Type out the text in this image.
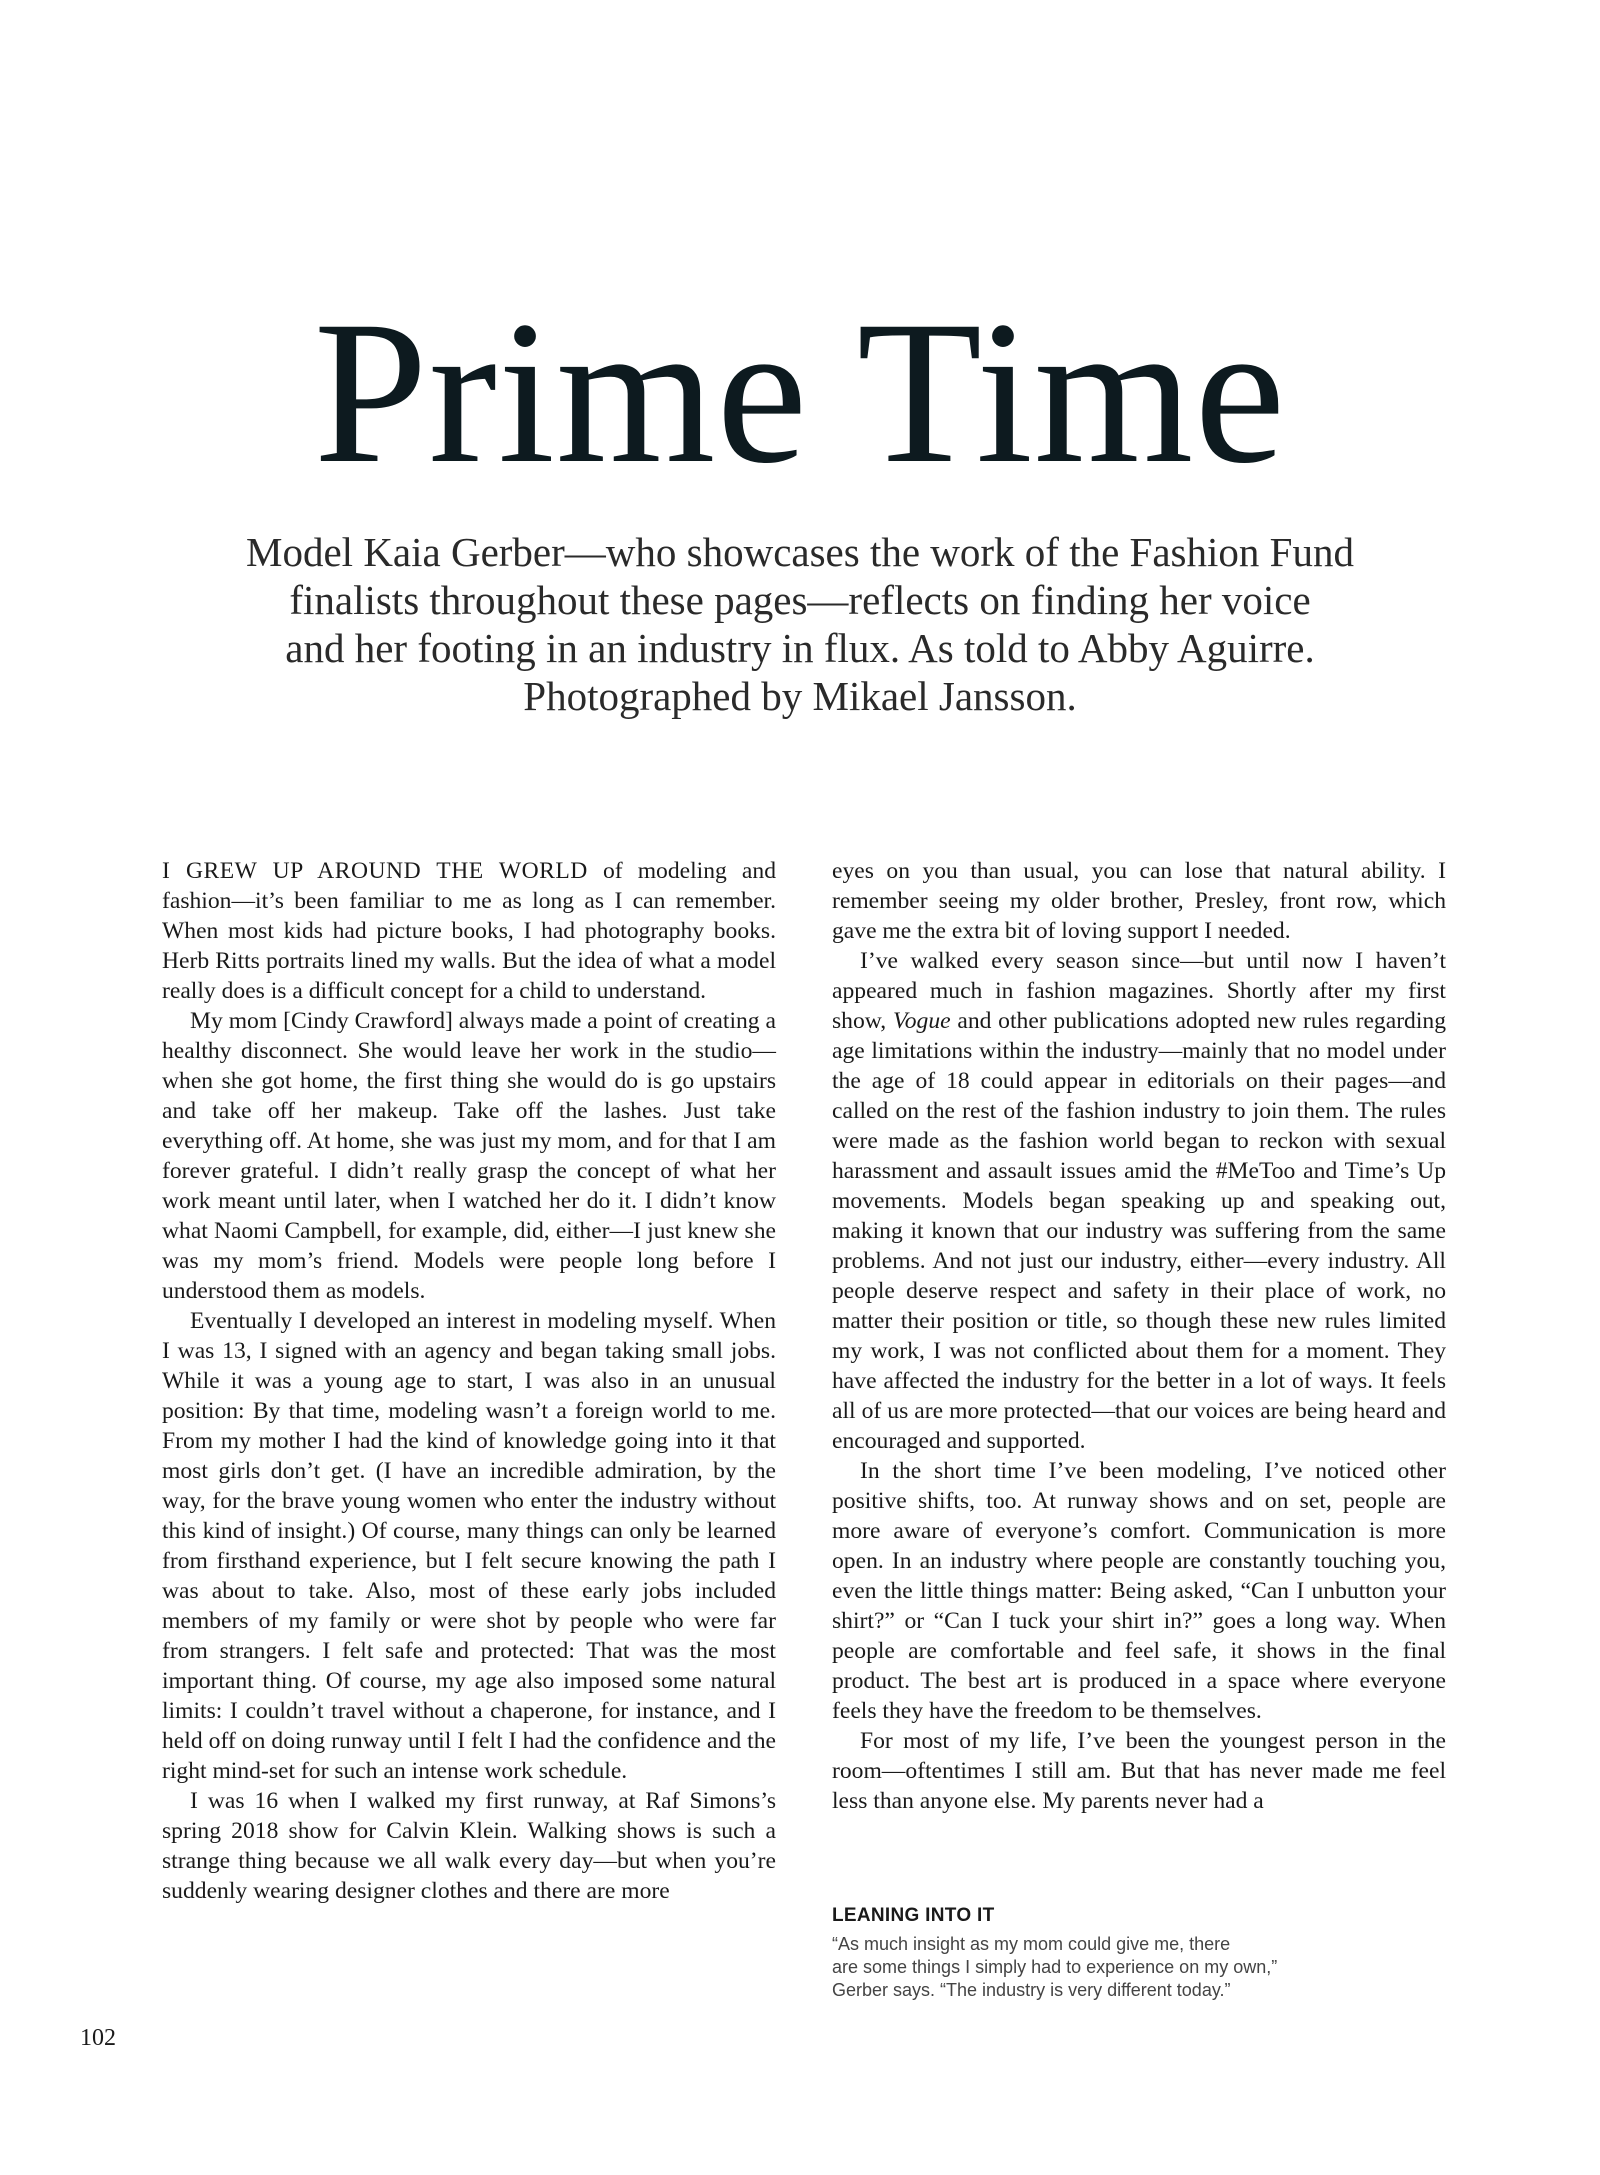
Prime Time
Model Kaia Gerber—who showcases the work of the Fashion Fund
finalists throughout these pages—reflects on finding her voice
and her footing in an industry in flux. As told to Abby Aguirre.
Photographed by Mikael Jansson.

I GREW UP AROUND THE WORLD of modeling and fashion—it’s been familiar to me as long as I can remember. When most kids had picture books, I had photography books. Herb Ritts portraits lined my walls. But the idea of what a model really does is a difficult concept for a child to understand.

My mom [Cindy Crawford] always made a point of creating a healthy disconnect. She would leave her work in the studio—when she got home, the first thing she would do is go upstairs and take off her makeup. Take off the lashes. Just take everything off. At home, she was just my mom, and for that I am forever grateful. I didn’t really grasp the concept of what her work meant until later, when I watched her do it. I didn’t know what Naomi Campbell, for example, did, either—I just knew she was my mom’s friend. Models were people long before I understood them as models.

Eventually I developed an interest in modeling myself. When I was 13, I signed with an agency and began taking small jobs. While it was a young age to start, I was also in an unusual position: By that time, modeling wasn’t a foreign world to me. From my mother I had the kind of knowledge going into it that most girls don’t get. (I have an incredible admiration, by the way, for the brave young women who enter the industry without this kind of insight.) Of course, many things can only be learned from firsthand experience, but I felt secure knowing the path I was about to take. Also, most of these early jobs included members of my family or were shot by people who were far from strangers. I felt safe and protected: That was the most important thing. Of course, my age also imposed some natural limits: I couldn’t travel without a chaperone, for instance, and I held off on doing runway until I felt I had the confidence and the right mind-set for such an intense work schedule.

I was 16 when I walked my first runway, at Raf Simons’s spring 2018 show for Calvin Klein. Walking shows is such a strange thing because we all walk every day—but when you’re suddenly wearing designer clothes and there are more

eyes on you than usual, you can lose that natural ability. I remember seeing my older brother, Presley, front row, which gave me the extra bit of loving support I needed.

I’ve walked every season since—but until now I haven’t appeared much in fashion magazines. Shortly after my first show, Vogue and other publications adopted new rules regarding age limitations within the industry—mainly that no model under the age of 18 could appear in editorials on their pages—and called on the rest of the fashion industry to join them. The rules were made as the fashion world began to reckon with sexual harassment and assault issues amid the #MeToo and Time’s Up movements. Models began speaking up and speaking out, making it known that our industry was suffering from the same problems. And not just our industry, either—every industry. All people deserve respect and safety in their place of work, no matter their position or title, so though these new rules limited my work, I was not conflicted about them for a moment. They have affected the industry for the better in a lot of ways. It feels all of us are more protected—that our voices are being heard and encouraged and supported.

In the short time I’ve been modeling, I’ve noticed other positive shifts, too. At runway shows and on set, people are more aware of everyone’s comfort. Communication is more open. In an industry where people are constantly touching you, even the little things matter: Being asked, “Can I unbutton your shirt?” or “Can I tuck your shirt in?” goes a long way. When people are comfortable and feel safe, it shows in the final product. The best art is produced in a space where everyone feels they have the freedom to be themselves.

For most of my life, I’ve been the youngest person in the room—oftentimes I still am. But that has never made me feel less than anyone else. My parents never had a

LEANING INTO IT

“As much insight as my mom could give me, there
are some things I simply had to experience on my own,”
Gerber says. “The industry is very different today.”

102
